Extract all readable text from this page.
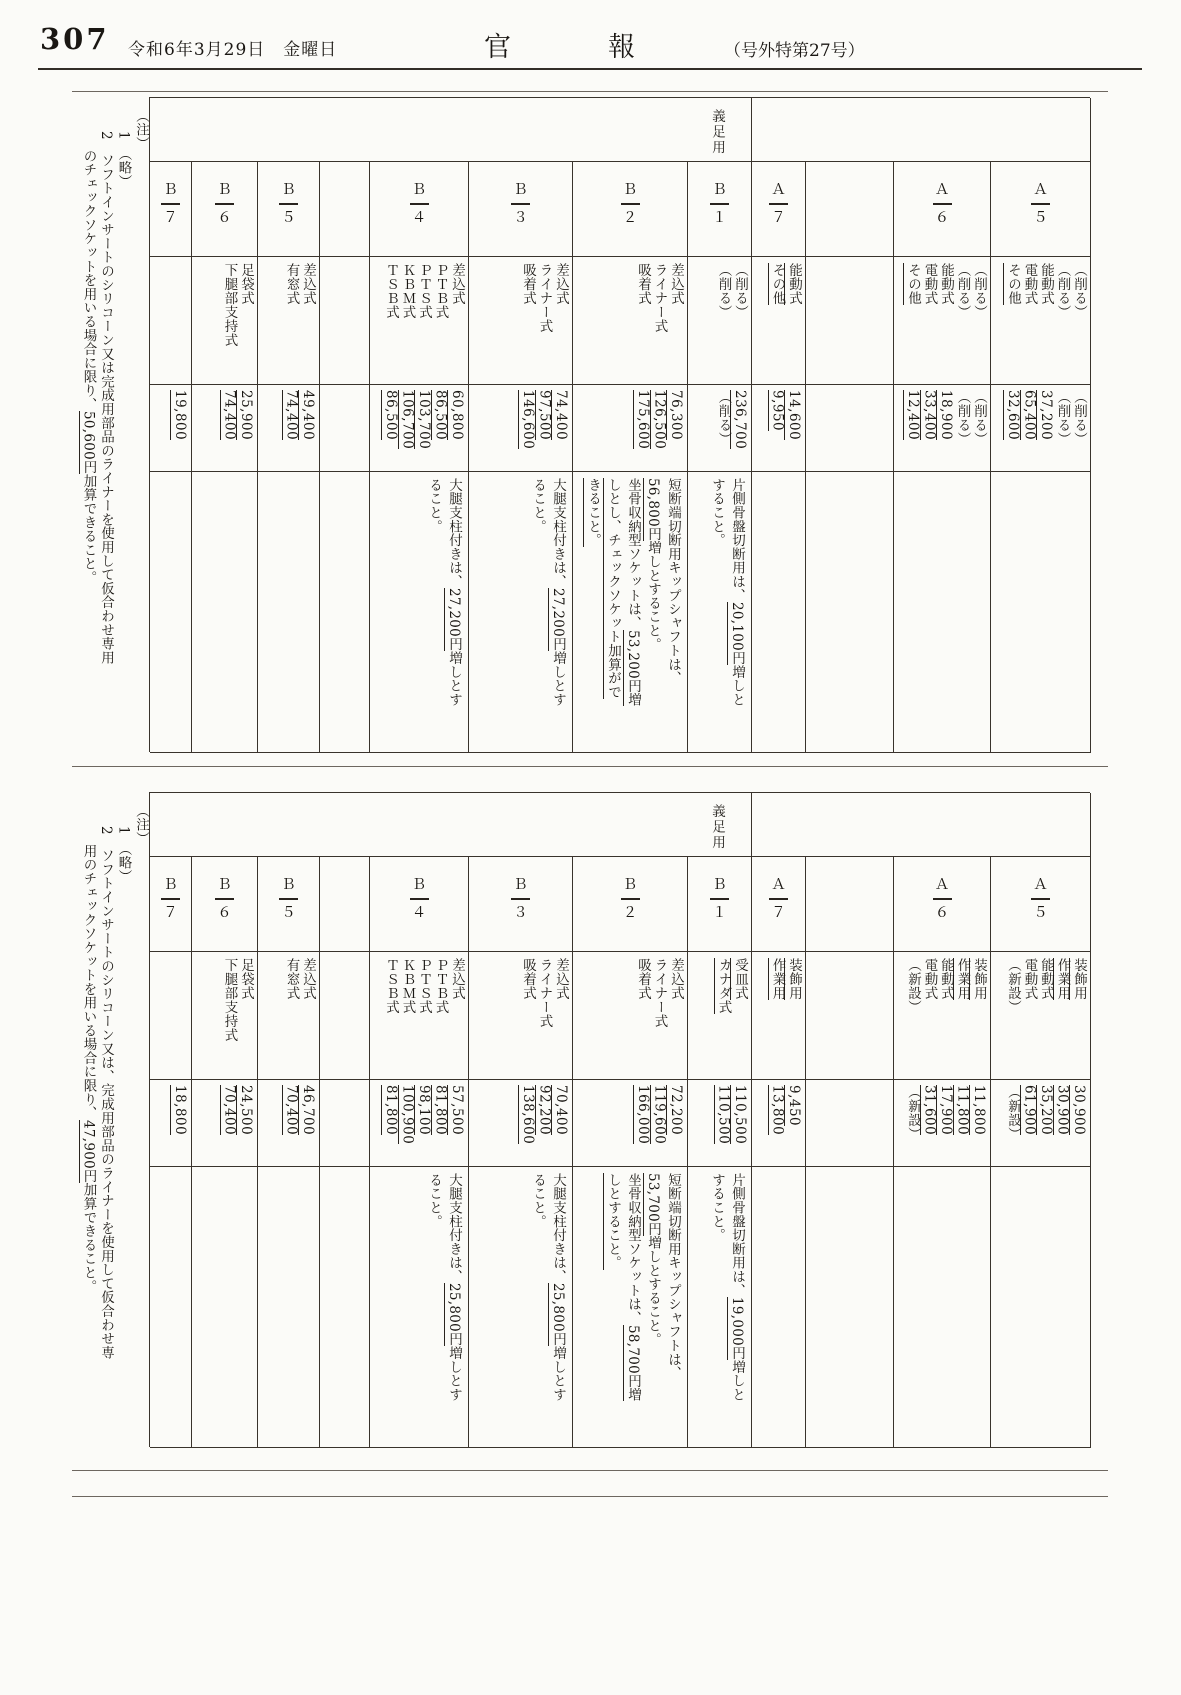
307 令和6年3月29日　金曜日	官　　　報	（号外特第27号）
義足用
Ａ
５
（削る）
（削る）
能動式
電動式
その他
（削る）
（削る）
37,200
65,400
32,600
Ａ
６
（削る）
（削る）
能動式
電動式
その他
（削る）
（削る）
18,900
33,400
12,400
Ａ
７
能動式
その他
14,600
9,950
Ｂ
１
（削る）
（削る）
236,700
（削る）
片側骨盤切断用は、20,100円増しと
すること。
Ｂ
２
差込式
ライナー式
吸着式
76,300
126,500
175,600
短断端切断用キップシャフトは、
56,800円増しとすること。
坐骨収納型ソケットは、53,200円増
しとし、チェックソケット加算がで
きること。
Ｂ
３
差込式
ライナー式
吸着式
74,400
97,500
146,600
大腿支柱付きは、27,200円増しとす
ること。
Ｂ
４
差込式
ＰＴＢ式
ＰＴＳ式
ＫＢＭ式
ＴＳＢ式
60,800
86,500
103,700
106,700
86,500
大腿支柱付きは、27,200円増しとす
ること。
Ｂ
５
差込式
有窓式
49,400
74,400
Ｂ
６
足袋式
下腿部支持式
25,900
74,400
Ｂ
７
19,800
（注）
1　（略）
2　ソフトインサートのシリコーン又は完成用部品のライナーを使用して仮合わせ専用
のチェックソケットを用いる場合に限り、50,600円加算できること。
義足用
Ａ
５
装飾用
作業用
能動式
電動式
（新設）
30,900
30,900
35,200
61,900
（新設）
Ａ
６
装飾用
作業用
能動式
電動式
（新設）
11,800
11,800
17,900
31,600
（新設）
Ａ
７
装飾用
作業用
9,450
13,800
Ｂ
１
受皿式
カナダ式
110,500
110,500
片側骨盤切断用は、19,000円増しと
すること。
Ｂ
２
差込式
ライナー式
吸着式
72,200
119,600
166,000
短断端切断用キップシャフトは、
53,700円増しとすること。
坐骨収納型ソケットは、58,700円増
しとすること。
Ｂ
３
差込式
ライナー式
吸着式
70,400
92,200
138,600
大腿支柱付きは、25,800円増しとす
ること。
Ｂ
４
差込式
ＰＴＢ式
ＰＴＳ式
ＫＢＭ式
ＴＳＢ式
57,500
81,800
98,100
100,900
81,800
大腿支柱付きは、25,800円増しとす
ること。
Ｂ
５
差込式
有窓式
46,700
70,400
Ｂ
６
足袋式
下腿部支持式
24,500
70,400
Ｂ
７
18,800
（注）
1　（略）
2　ソフトインサートのシリコーン又は、完成用部品のライナーを使用して仮合わせ専
用のチェックソケットを用いる場合に限り、47,900円加算できること。
